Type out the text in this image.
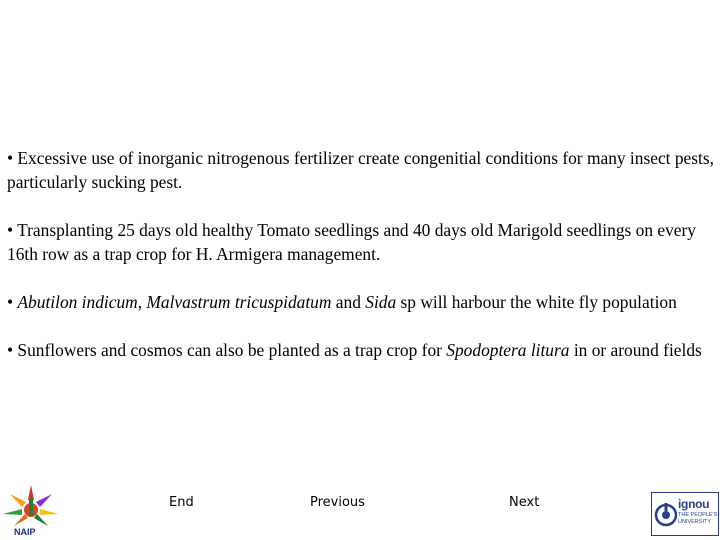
• Excessive use of inorganic nitrogenous fertilizer create congenitial conditions for many insect pests, particularly sucking pest.

• Transplanting 25 days old healthy Tomato seedlings and 40 days old Marigold seedlings on every 16th row as a trap crop for H. Armigera management.

• Abutilon indicum, Malvastrum tricuspidatum and Sida sp will harbour the white fly population

• Sunflowers and cosmos can also be planted as a trap crop for Spodoptera litura in or around fields

NAIP
End	Previous	Next	ignou
THE PEOPLE'S UNIVERSITY
